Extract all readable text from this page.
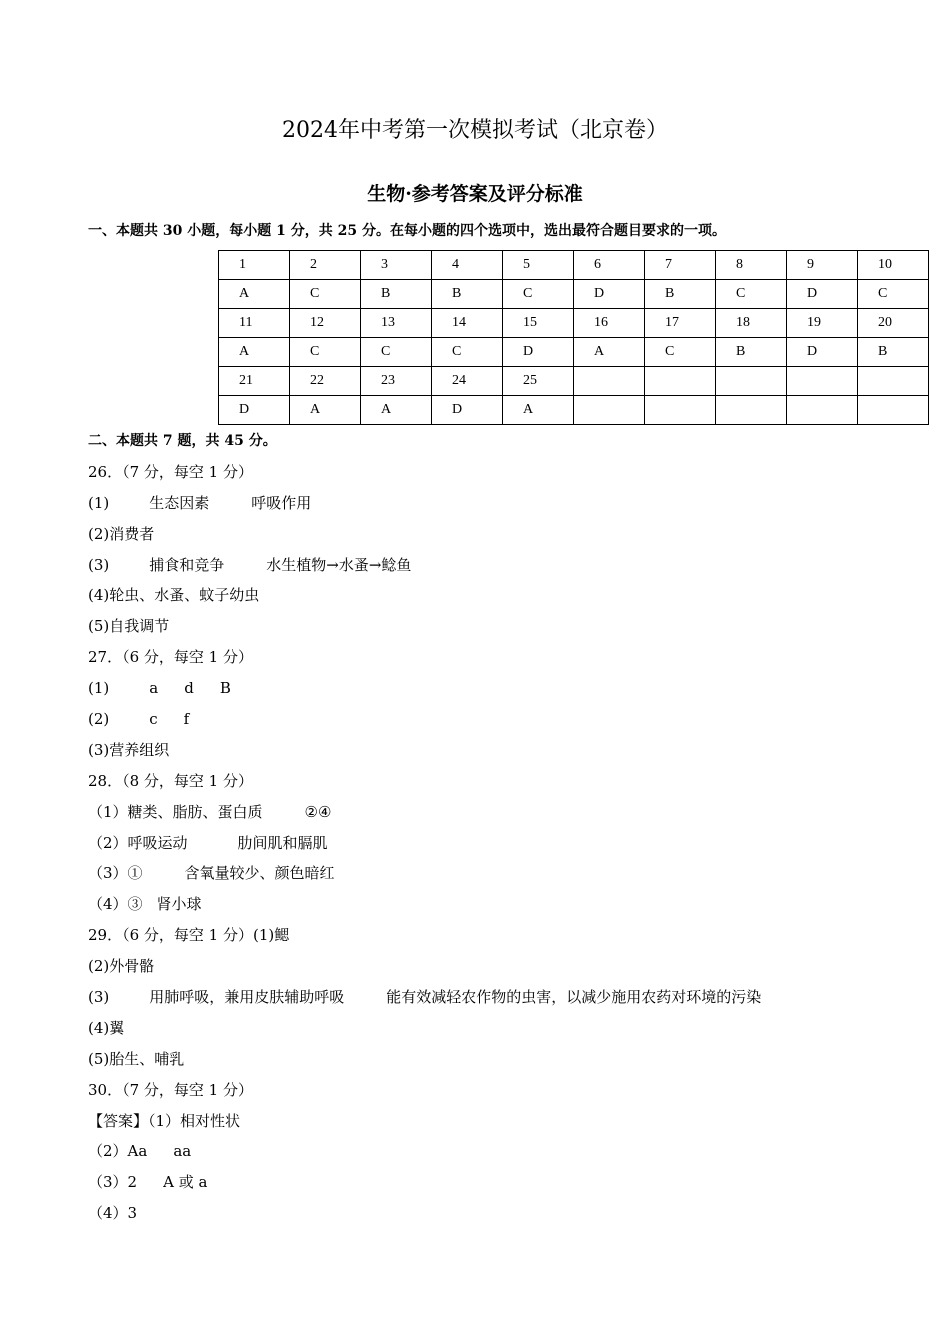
2024年中考第一次模拟考试（北京卷）
生物·参考答案及评分标准
一、本题共 30 小题，每小题 1 分，共 25 分。在每小题的四个选项中，选出最符合题目要求的一项。
1	2	3	4	5	6	7	8	9	10
A	C	B	B	C	D	B	C	D	C
11	12	13	14	15	16	17	18	19	20
A	C	C	C	D	A	C	B	D	B
21	22	23	24	25					
D	A	A	D	A					
二、本题共 7 题，共 45 分。
26．（7 分，每空 1 分）
(1)	生态因素	呼吸作用
(2)消费者
(3)	捕食和竞争	水生植物→水蚤→鲶鱼
(4)轮虫、水蚤、蚊子幼虫
(5)自我调节
27．（6 分，每空 1 分）
(1)	a d B
(2)	c f
(3)营养组织
28．（8 分，每空 1 分）
（1）糖类、脂肪、蛋白质	②④
（2）呼吸运动	肋间肌和膈肌
（3）①	含氧量较少、颜色暗红
（4）③ 肾小球
29．（6 分，每空 1 分）(1)鳃
(2)外骨骼
(3)	用肺呼吸，兼用皮肤辅助呼吸	能有效减轻农作物的虫害，以减少施用农药对环境的污染
(4)翼
(5)胎生、哺乳
30．（7 分，每空 1 分）
【答案】（1）相对性状
（2）Aa aa
（3）2 A 或 a
（4）3
